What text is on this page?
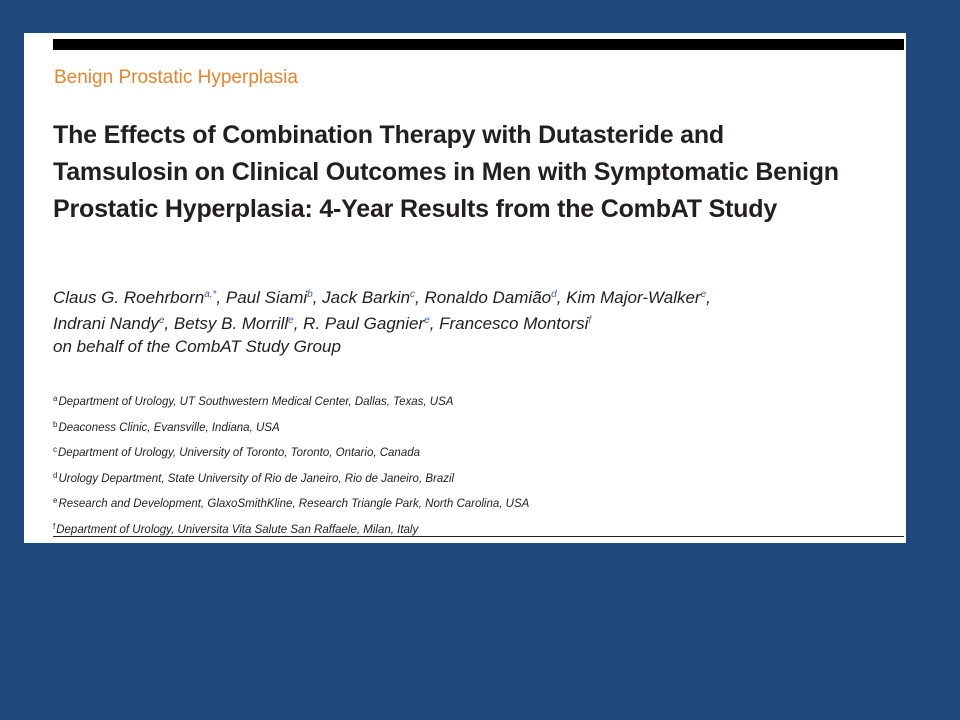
Benign Prostatic Hyperplasia
The Effects of Combination Therapy with Dutasteride and
Tamsulosin on Clinical Outcomes in Men with Symptomatic Benign
Prostatic Hyperplasia: 4-Year Results from the CombAT Study
Claus G. Roehrborn$^{a,*}$, Paul Siami$^b$, Jack Barkin$^c$, Ronaldo Damião$^d$, Kim Major-Walker$^e$,
Indrani Nandy$^e$, Betsy B. Morrill$^e$, R. Paul Gagnier$^e$, Francesco Montorsi$^f$
on behalf of the CombAT Study Group
$^a$Department of Urology, UT Southwestern Medical Center, Dallas, Texas, USA
$^b$Deaconess Clinic, Evansville, Indiana, USA
$^c$Department of Urology, University of Toronto, Toronto, Ontario, Canada
$^d$Urology Department, State University of Rio de Janeiro, Rio de Janeiro, Brazil
$^e$Research and Development, GlaxoSmithKline, Research Triangle Park, North Carolina, USA
$^f$Department of Urology, Universita Vita Salute San Raffaele, Milan, Italy
